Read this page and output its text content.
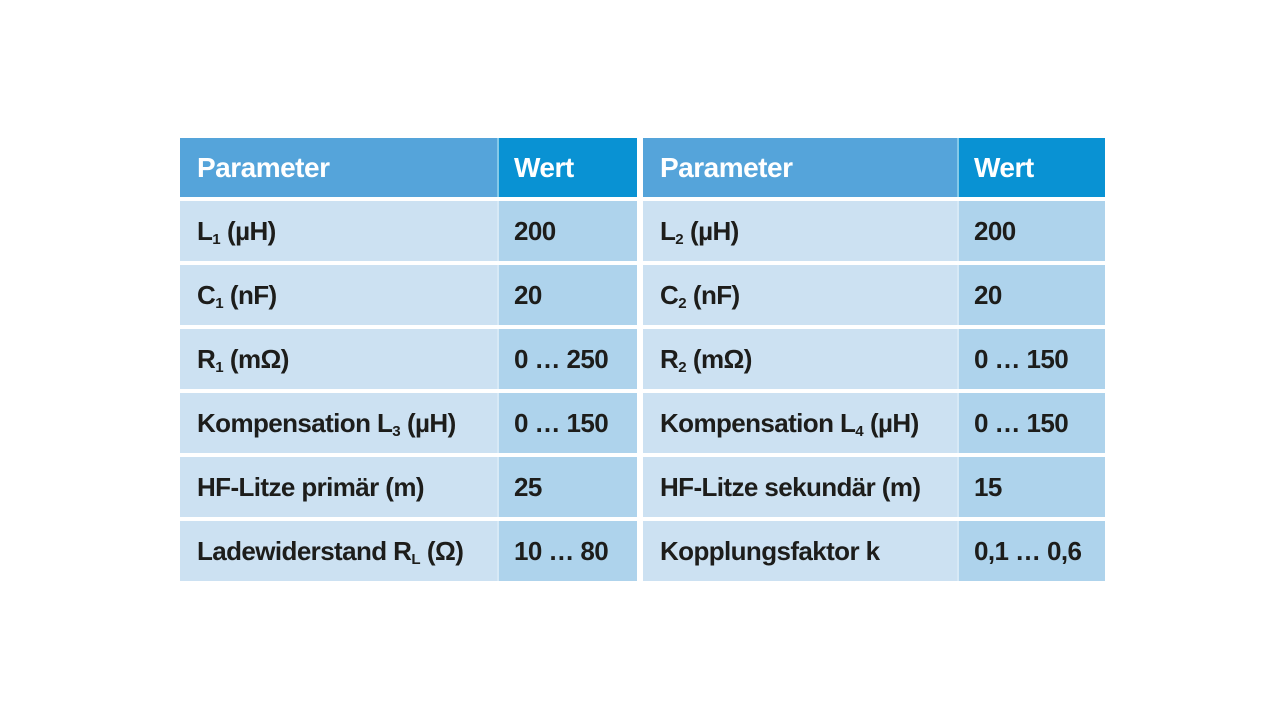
Parameter	Wert	Parameter	Wert
L1 (µH)	200	L2 (µH)	200
C1 (nF)	20	C2 (nF)	20
R1 (mΩ)	0 … 250 R2 (mΩ)	0 … 150
Kompensation L3 (µH) 0 … 150 Kompensation L4 (µH) 0 … 150
HF-Litze primär (m)	25	HF-Litze sekundär (m) 15
Ladewiderstand RL (Ω) 10 … 80 Kopplungsfaktor k	0,1 … 0,6
